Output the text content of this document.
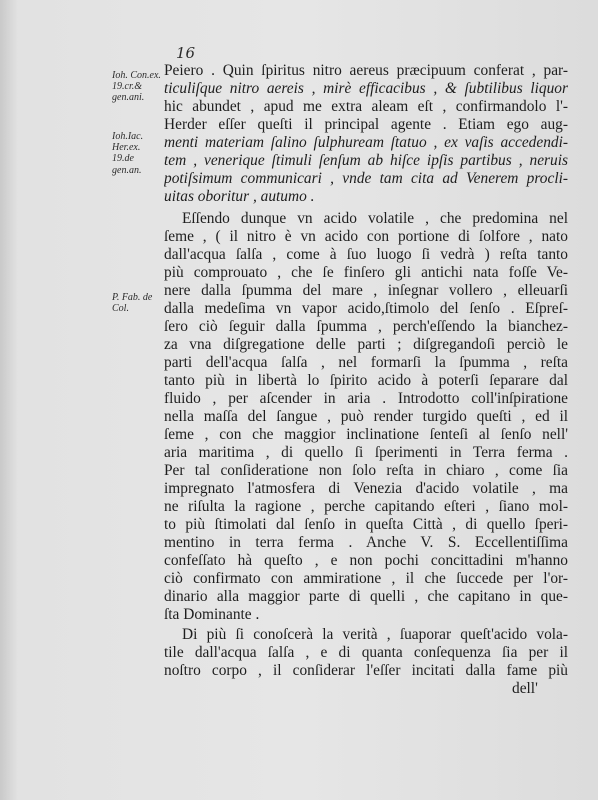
16
Ioh. Con.ex. 19.cr.& gen.ani.
Ioh.Iac. Her.ex. 19.de gen.an.
P. Fab. de Col.
Peiero . Quin ſpiritus nitro aereus præcipuum conferat , par-
ticuliſque nitro aereis , mirè efficacibus , & ſubtilibus liquor
hic abundet , apud me extra aleam eſt , confirmandolo l'-
Herder eſſer queſti il principal agente . Etiam ego aug-
menti materiam ſalino ſulphuream ſtatuo , ex vaſis accedendi-
tem , venerique ſtimuli ſenſum ab hiſce ipſis partibus , neruis
potiſsimum communicari , vnde tam cita ad Venerem procli-
uitas oboritur , autumo .
Eſſendo dunque vn acido volatile , che predomina nel
ſeme , ( il nitro è vn acido con portione di ſolfore , nato
dall'acqua ſalſa , come à ſuo luogo ſi vedrà ) reſta tanto
più comprouato , che ſe finſero gli antichi nata foſſe Ve-
nere dalla ſpumma del mare , inſegnar vollero , elleuarſi
dalla medeſima vn vapor acido,ſtimolo del ſenſo . Eſpreſ-
ſero ciò ſeguir dalla ſpumma , perch'eſſendo la bianchez-
za vna diſgregatione delle parti ; diſgregandoſi perciò le
parti dell'acqua ſalſa , nel formarſi la ſpumma , reſta
tanto più in libertà lo ſpirito acido à poterſi ſeparare dal
fluido , per aſcender in aria . Introdotto coll'inſpiratione
nella maſſa del ſangue , può render turgido queſti , ed il
ſeme , con che maggior inclinatione ſenteſi al ſenſo nell'
aria maritima , di quello ſi ſperimenti in Terra ferma .
Per tal conſideratione non ſolo reſta in chiaro , come ſia
impregnato l'atmosfera di Venezia d'acido volatile , ma
ne riſulta la ragione , perche capitando eſteri , ſiano mol-
to più ſtimolati dal ſenſo in queſta Città , di quello ſperi-
mentino in terra ferma . Anche V. S. Eccellentiſſima
confeſſato hà queſto , e non pochi concittadini m'hanno
ciò confirmato con ammiratione , il che ſuccede per l'or-
dinario alla maggior parte di quelli , che capitano in que-
ſta Dominante .
Di più ſi conoſcerà la verità , ſuaporar queſt'acido vola-
tile dall'acqua ſalſa , e di quanta conſequenza ſia per il
noſtro corpo , il conſiderar l'eſſer incitati dalla fame più
dell'
